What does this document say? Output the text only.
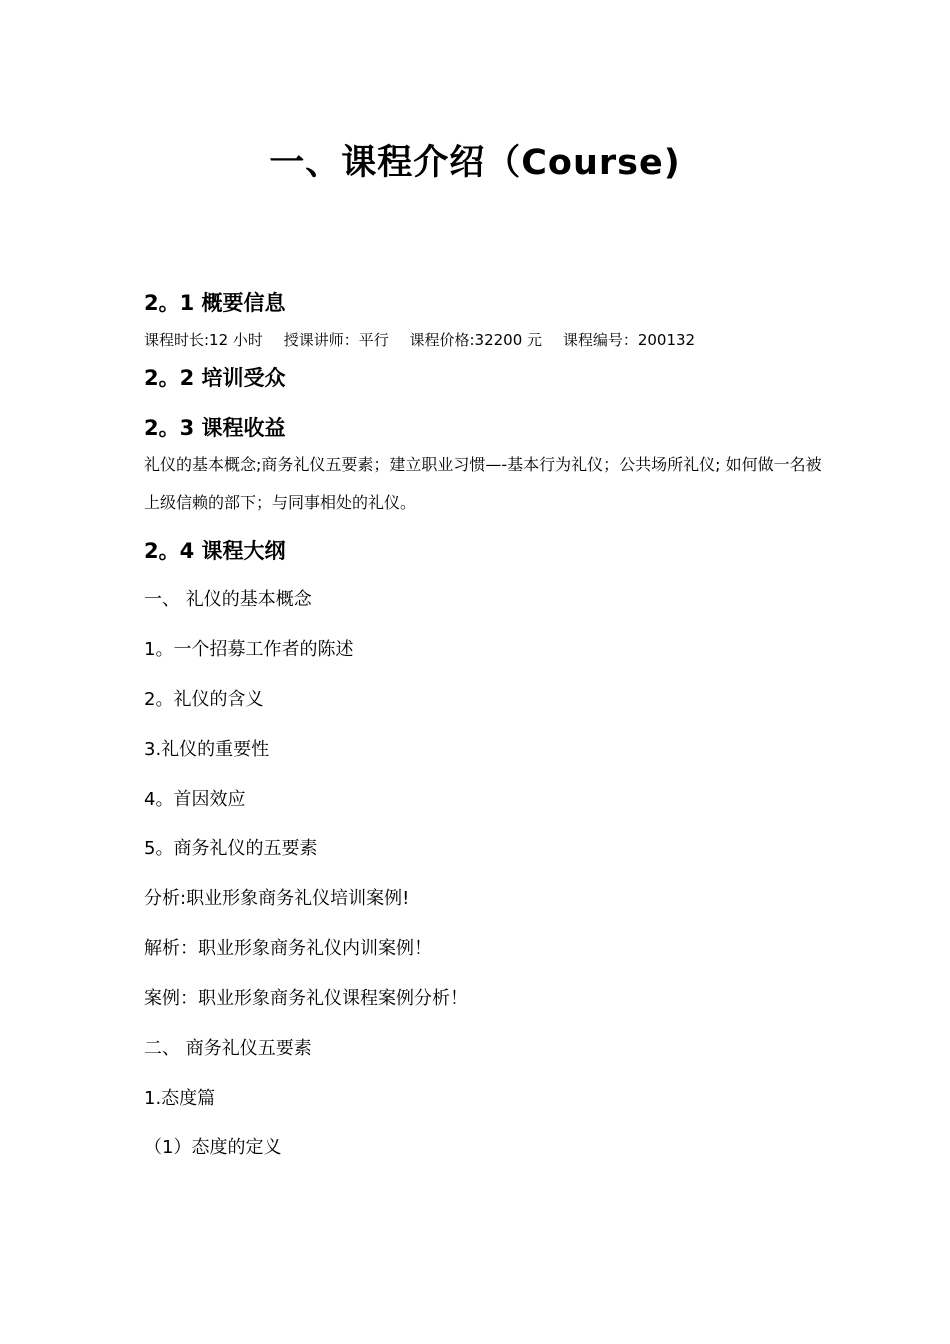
一、课程介绍（Course)
2。1 概要信息
课程时长:12 小时 授课讲师：平行 课程价格:32200 元 课程编号：200132
2。2 培训受众
2。3 课程收益
礼仪的基本概念;商务礼仪五要素；建立职业习惯—-基本行为礼仪；公共场所礼仪; 如何做一名被上级信赖的部下；与同事相处的礼仪。
2。4 课程大纲
一、 礼仪的基本概念
1。一个招募工作者的陈述
2。礼仪的含义
3.礼仪的重要性
4。首因效应
5。商务礼仪的五要素
分析:职业形象商务礼仪培训案例!
解析：职业形象商务礼仪内训案例！
案例：职业形象商务礼仪课程案例分析！
二、 商务礼仪五要素
1.态度篇
（1）态度的定义
